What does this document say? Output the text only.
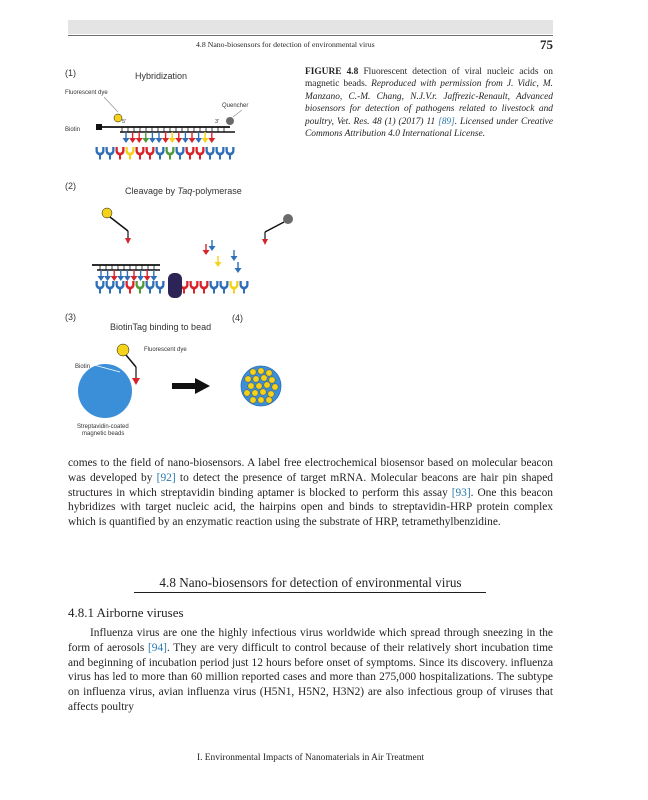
4.8 Nano-biosensors for detection of environmental virus	75
(1)	Hybridization
Fluorescent dye
Quencher
Biotin
5'	3'
(2)	Cleavage by Taq-polymerase
(3)	(4)
BiotinTag binding to bead
Fluorescent dye
Biotin
Streptavidin-coated
magnetic beads
FIGURE 4.8 Fluorescent detection of viral nucleic acids on magnetic beads. Reproduced with permission from J. Vidic, M. Manzano, C.-M. Chang, N.J.V.r. Jaffrezic-Renault, Advanced biosensors for detection of pathogens related to livestock and poultry, Vet. Res. 48 (1) (2017) 11 [89]. Licensed under Creative Commons Attribution 4.0 International License.

comes to the field of nano-biosensors. A label free electrochemical biosensor based on molecular beacon was developed by [92] to detect the presence of target mRNA. Molecular beacons are hair pin shaped structures in which streptavidin binding aptamer is blocked to perform this assay [93]. One this beacon hybridizes with target nucleic acid, the hairpins open and binds to streptavidin-HRP protein complex which is quantified by an enzymatic reaction using the substrate of HRP, tetramethylbenzidine.

4.8 Nano-biosensors for detection of environmental virus
4.8.1 Airborne viruses

Influenza virus are one the highly infectious virus worldwide which spread through sneezing in the form of aerosols [94]. They are very difficult to control because of their relatively short incubation time and beginning of incubation period just 12 hours before onset of symptoms. Since its discovery. influenza virus has led to more than 60 million reported cases and more than 275,000 hospitalizations. The subtype on influenza virus, avian influenza virus (H5N1, H5N2, H3N2) are also infectious group of viruses that affects poultry

I. Environmental Impacts of Nanomaterials in Air Treatment
